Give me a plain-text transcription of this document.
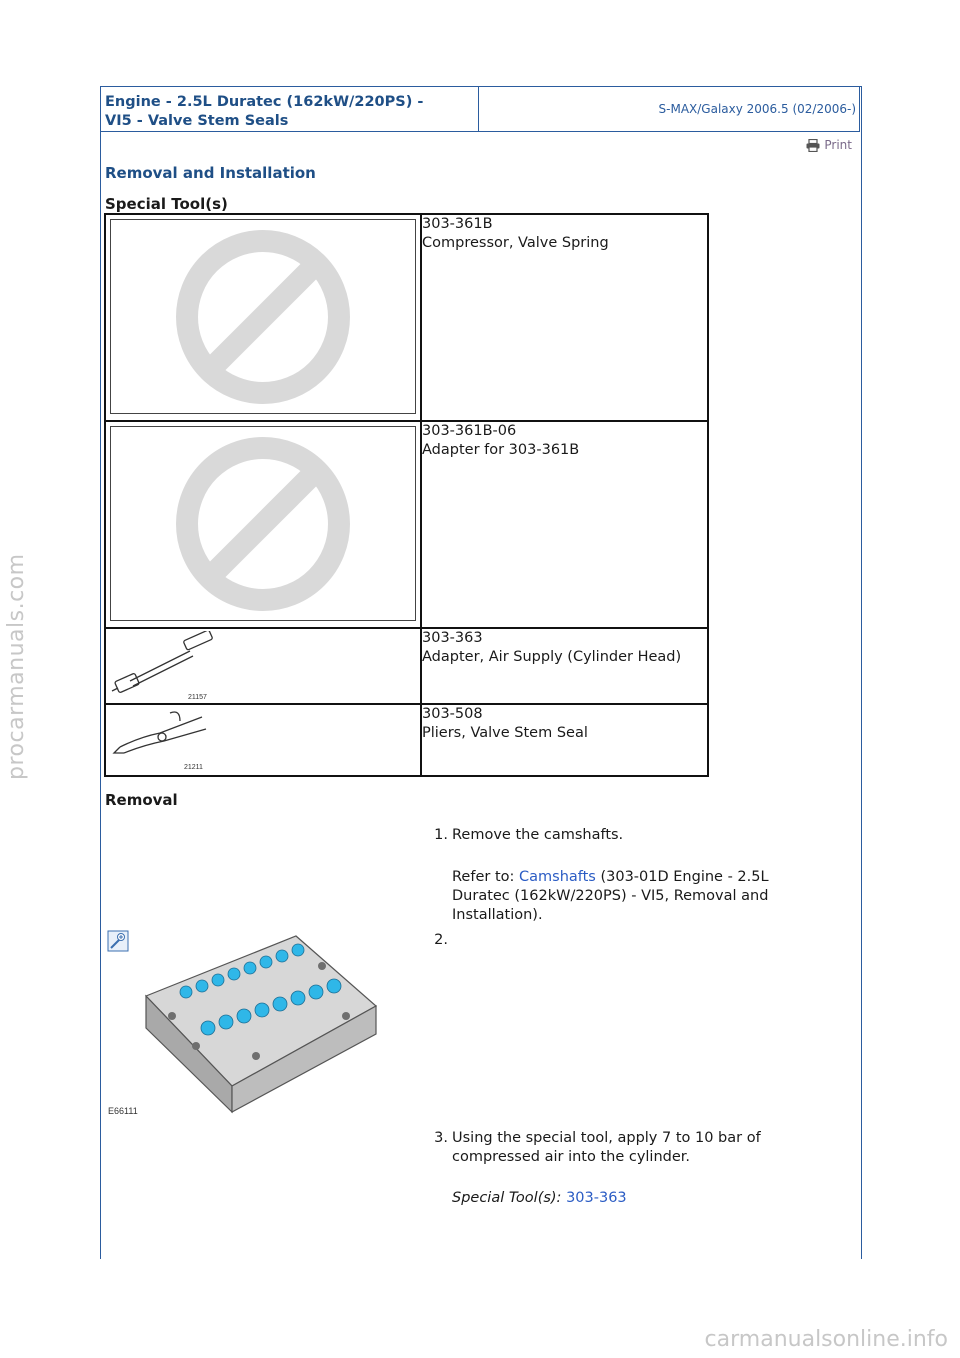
Engine - 2.5L Duratec (162kW/220PS) -
VI5 - Valve Stem Seals
S-MAX/Galaxy 2006.5 (02/2006-)
Print
Removal and Installation
Special Tool(s)

303-361B
Compressor, Valve Spring

303-361B-06
Adapter for 303-361B

21157	303-363
Adapter, Air Supply (Cylinder Head)

21211	303-508
Pliers, Valve Stem Seal
Removal
1. Remove the camshafts.
Refer to: Camshafts (303-01D Engine - 2.5L Duratec (162kW/220PS) - VI5, Removal and Installation).
2.
E66111
3. Using the special tool, apply 7 to 10 bar of compressed air into the cylinder.
Special Tool(s): 303-363
procarmanuals.com
carmanualsonline.info
